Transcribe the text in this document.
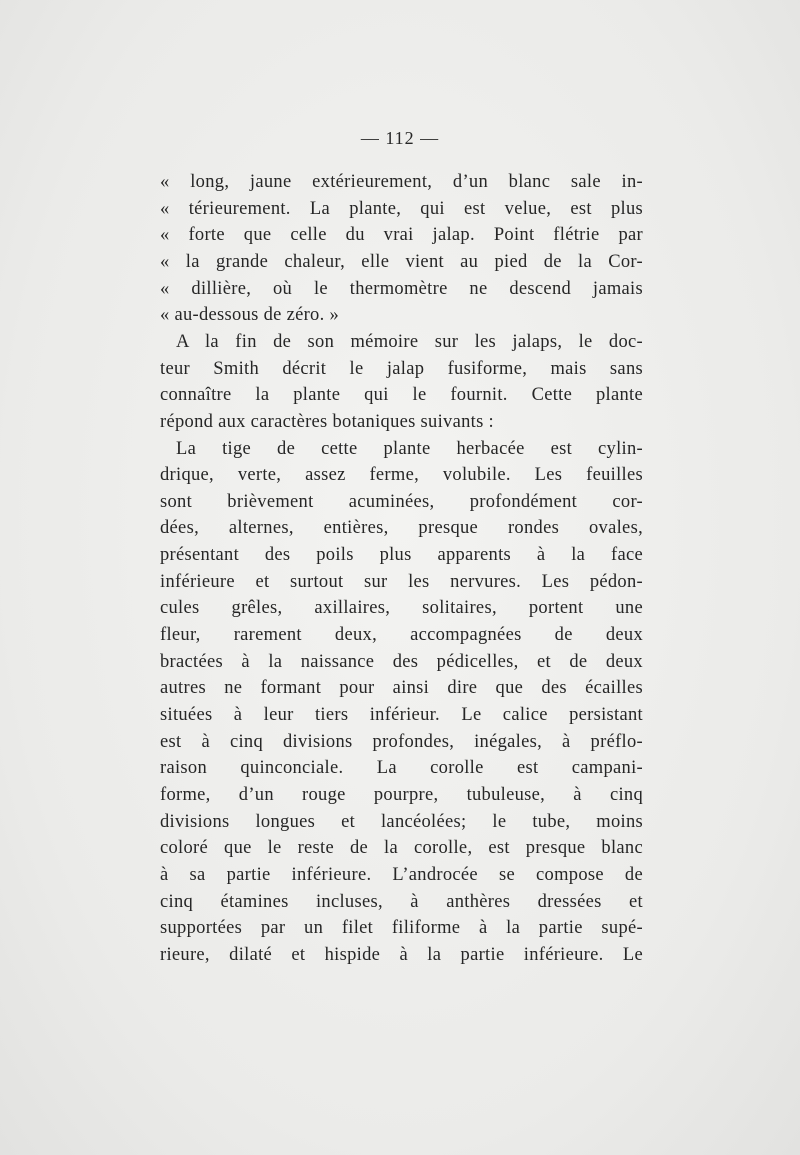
— 112 —
« long, jaune extérieurement, d’un blanc sale in-
« térieurement. La plante, qui est velue, est plus
« forte que celle du vrai jalap. Point flétrie par
« la grande chaleur, elle vient au pied de la Cor-
« dillière, où le thermomètre ne descend jamais
« au-dessous de zéro. »
A la fin de son mémoire sur les jalaps, le doc-
teur Smith décrit le jalap fusiforme, mais sans
connaître la plante qui le fournit. Cette plante
répond aux caractères botaniques suivants :
La tige de cette plante herbacée est cylin-
drique, verte, assez ferme, volubile. Les feuilles
sont brièvement acuminées, profondément cor-
dées, alternes, entières, presque rondes ovales,
présentant des poils plus apparents à la face
inférieure et surtout sur les nervures. Les pédon-
cules grêles, axillaires, solitaires, portent une
fleur, rarement deux, accompagnées de deux
bractées à la naissance des pédicelles, et de deux
autres ne formant pour ainsi dire que des écailles
situées à leur tiers inférieur. Le calice persistant
est à cinq divisions profondes, inégales, à préflo-
raison quinconciale. La corolle est campani-
forme, d’un rouge pourpre, tubuleuse, à cinq
divisions longues et lancéolées; le tube, moins
coloré que le reste de la corolle, est presque blanc
à sa partie inférieure. L’androcée se compose de
cinq étamines incluses, à anthères dressées et
supportées par un filet filiforme à la partie supé-
rieure, dilaté et hispide à la partie inférieure. Le
